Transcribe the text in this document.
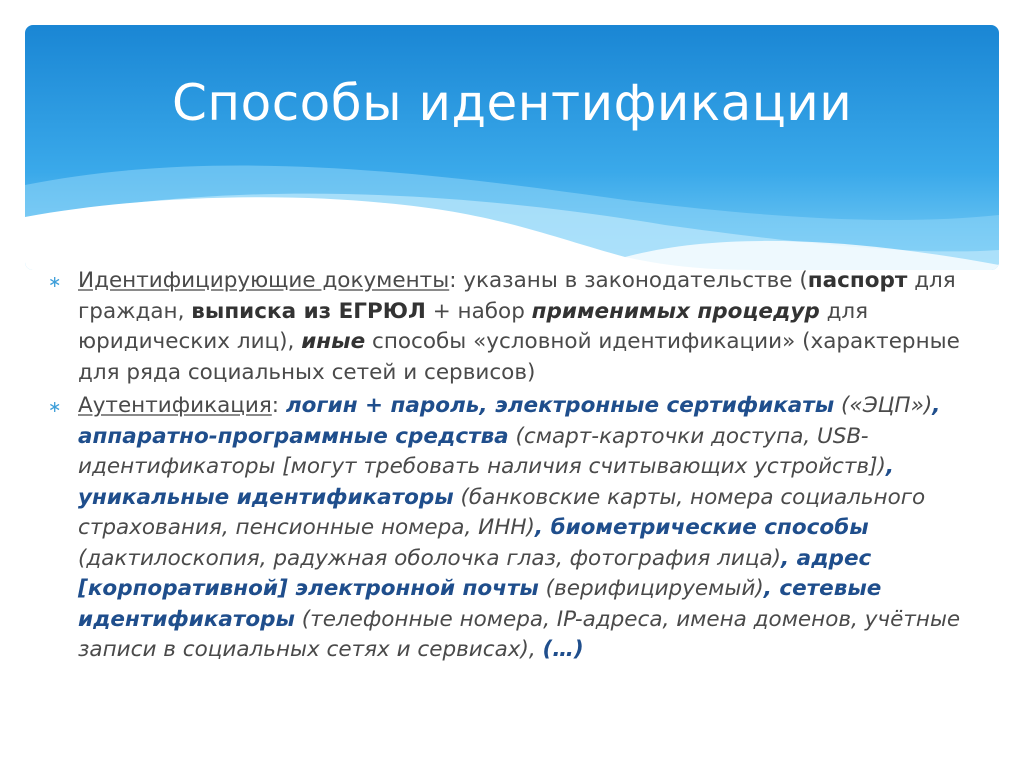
Способы идентификации
∗ Идентифицирующие документы: указаны в законодательстве (паспорт для граждан, выписка из ЕГРЮЛ + набор применимых процедур для юридических лиц), иные способы «условной идентификации» (характерные для ряда социальных сетей и сервисов)
∗ Аутентификация: логин + пароль, электронные сертификаты («ЭЦП»), аппаратно-программные средства (смарт-карточки доступа, USB-идентификаторы [могут требовать наличия считывающих устройств]), уникальные идентификаторы (банковские карты, номера социального страхования, пенсионные номера, ИНН), биометрические способы (дактилоскопия, радужная оболочка глаз, фотография лица), адрес [корпоративной] электронной почты (верифицируемый), сетевые идентификаторы (телефонные номера, IP-адреса, имена доменов, учётные записи в социальных сетях и сервисах), (…)
